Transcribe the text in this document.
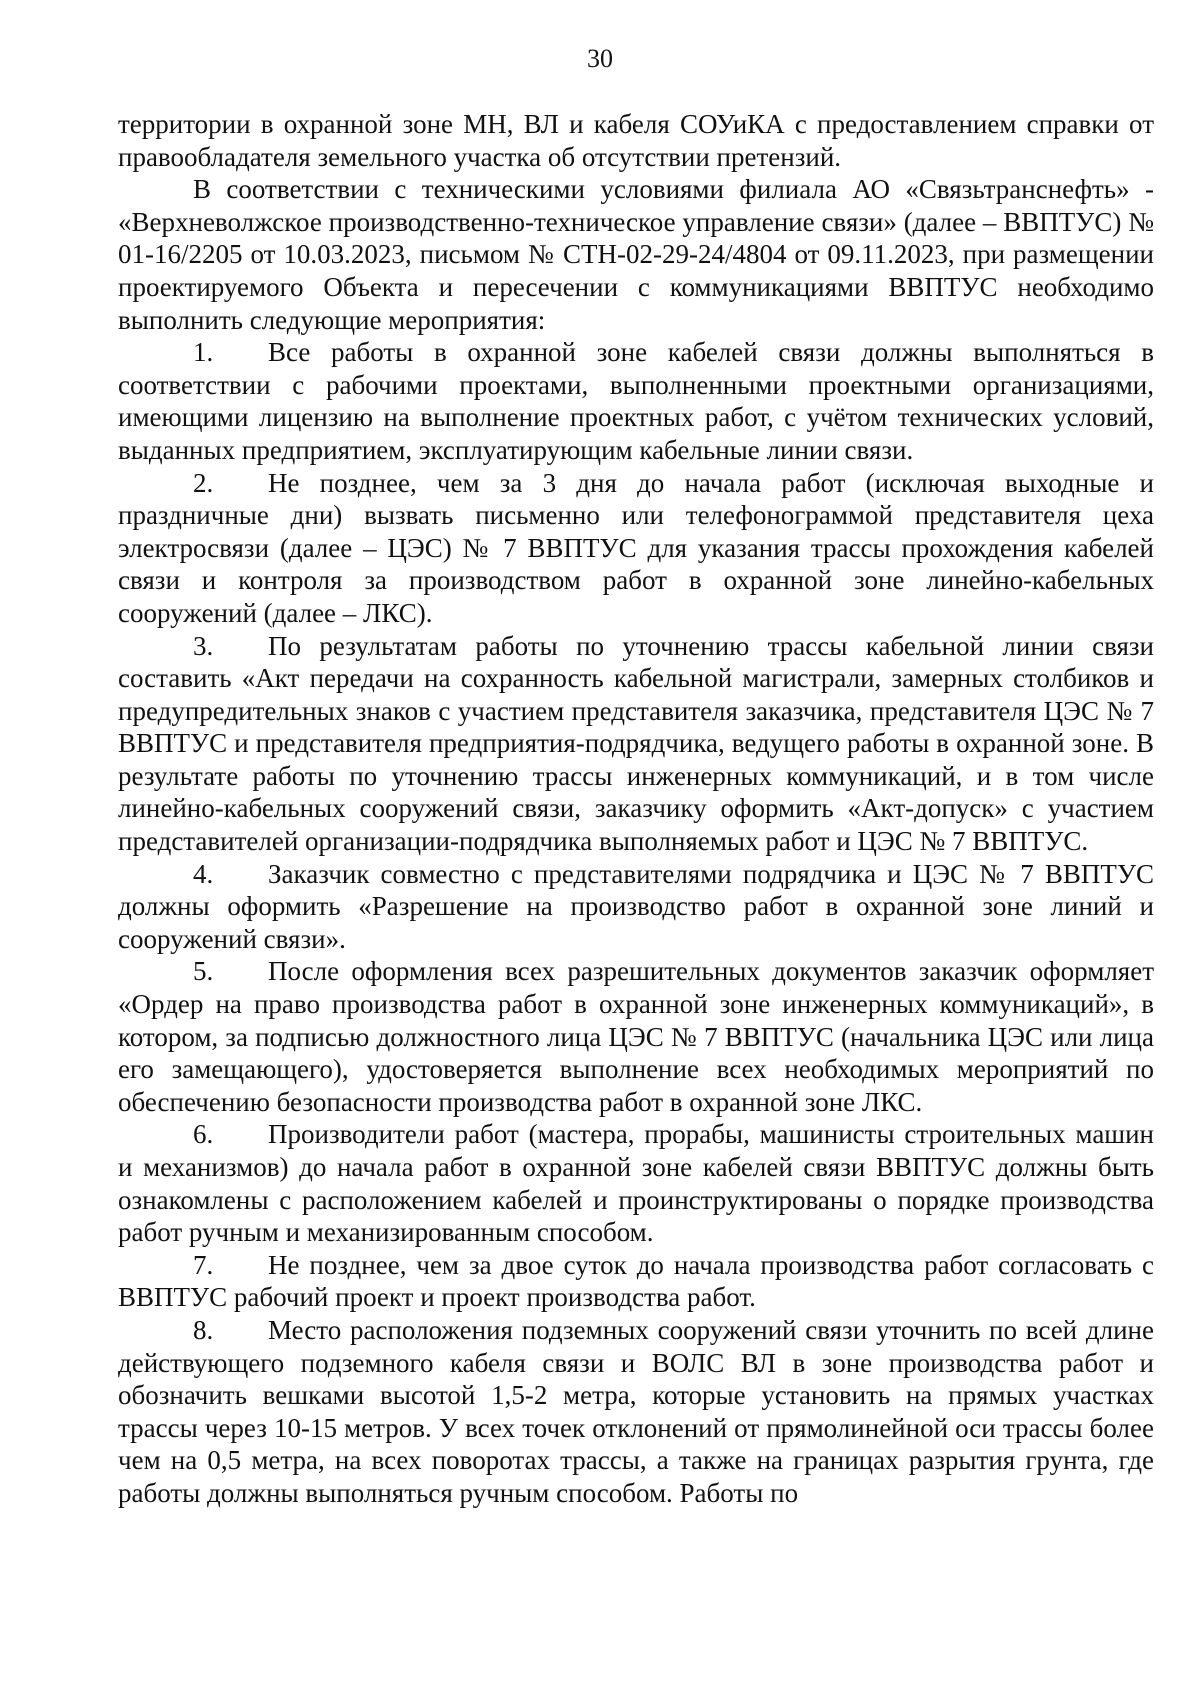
30

территории в охранной зоне МН, ВЛ и кабеля СОУиКА с предоставлением справки от правообладателя земельного участка об отсутствии претензий.

В соответствии с техническими условиями филиала АО «Связьтранснефть» - «Верхневолжское производственно-техническое управление связи» (далее – ВВПТУС) № 01-16/2205 от 10.03.2023, письмом № СТН-02-29-24/4804 от 09.11.2023, при размещении проектируемого Объекта и пересечении с коммуникациями ВВПТУС необходимо выполнить следующие мероприятия:

1. Все работы в охранной зоне кабелей связи должны выполняться в соответствии с рабочими проектами, выполненными проектными организациями, имеющими лицензию на выполнение проектных работ, с учётом технических условий, выданных предприятием, эксплуатирующим кабельные линии связи.

2. Не позднее, чем за 3 дня до начала работ (исключая выходные и праздничные дни) вызвать письменно или телефонограммой представителя цеха электросвязи (далее – ЦЭС) № 7 ВВПТУС для указания трассы прохождения кабелей связи и контроля за производством работ в охранной зоне линейно-кабельных сооружений (далее – ЛКС).

3. По результатам работы по уточнению трассы кабельной линии связи составить «Акт передачи на сохранность кабельной магистрали, замерных столбиков и предупредительных знаков с участием представителя заказчика, представителя ЦЭС № 7 ВВПТУС и представителя предприятия-подрядчика, ведущего работы в охранной зоне. В результате работы по уточнению трассы инженерных коммуникаций, и в том числе линейно-кабельных сооружений связи, заказчику оформить «Акт-допуск» с участием представителей организации-подрядчика выполняемых работ и ЦЭС № 7 ВВПТУС.

4. Заказчик совместно с представителями подрядчика и ЦЭС № 7 ВВПТУС должны оформить «Разрешение на производство работ в охранной зоне линий и сооружений связи».

5. После оформления всех разрешительных документов заказчик оформляет «Ордер на право производства работ в охранной зоне инженерных коммуникаций», в котором, за подписью должностного лица ЦЭС № 7 ВВПТУС (начальника ЦЭС или лица его замещающего), удостоверяется выполнение всех необходимых мероприятий по обеспечению безопасности производства работ в охранной зоне ЛКС.

6. Производители работ (мастера, прорабы, машинисты строительных машин и механизмов) до начала работ в охранной зоне кабелей связи ВВПТУС должны быть ознакомлены с расположением кабелей и проинструктированы о порядке производства работ ручным и механизированным способом.

7. Не позднее, чем за двое суток до начала производства работ согласовать с ВВПТУС рабочий проект и проект производства работ.

8. Место расположения подземных сооружений связи уточнить по всей длине действующего подземного кабеля связи и ВОЛС ВЛ в зоне производства работ и обозначить вешками высотой 1,5-2 метра, которые установить на прямых участках трассы через 10-15 метров. У всех точек отклонений от прямолинейной оси трассы более чем на 0,5 метра, на всех поворотах трассы, а также на границах разрытия грунта, где работы должны выполняться ручным способом. Работы по
